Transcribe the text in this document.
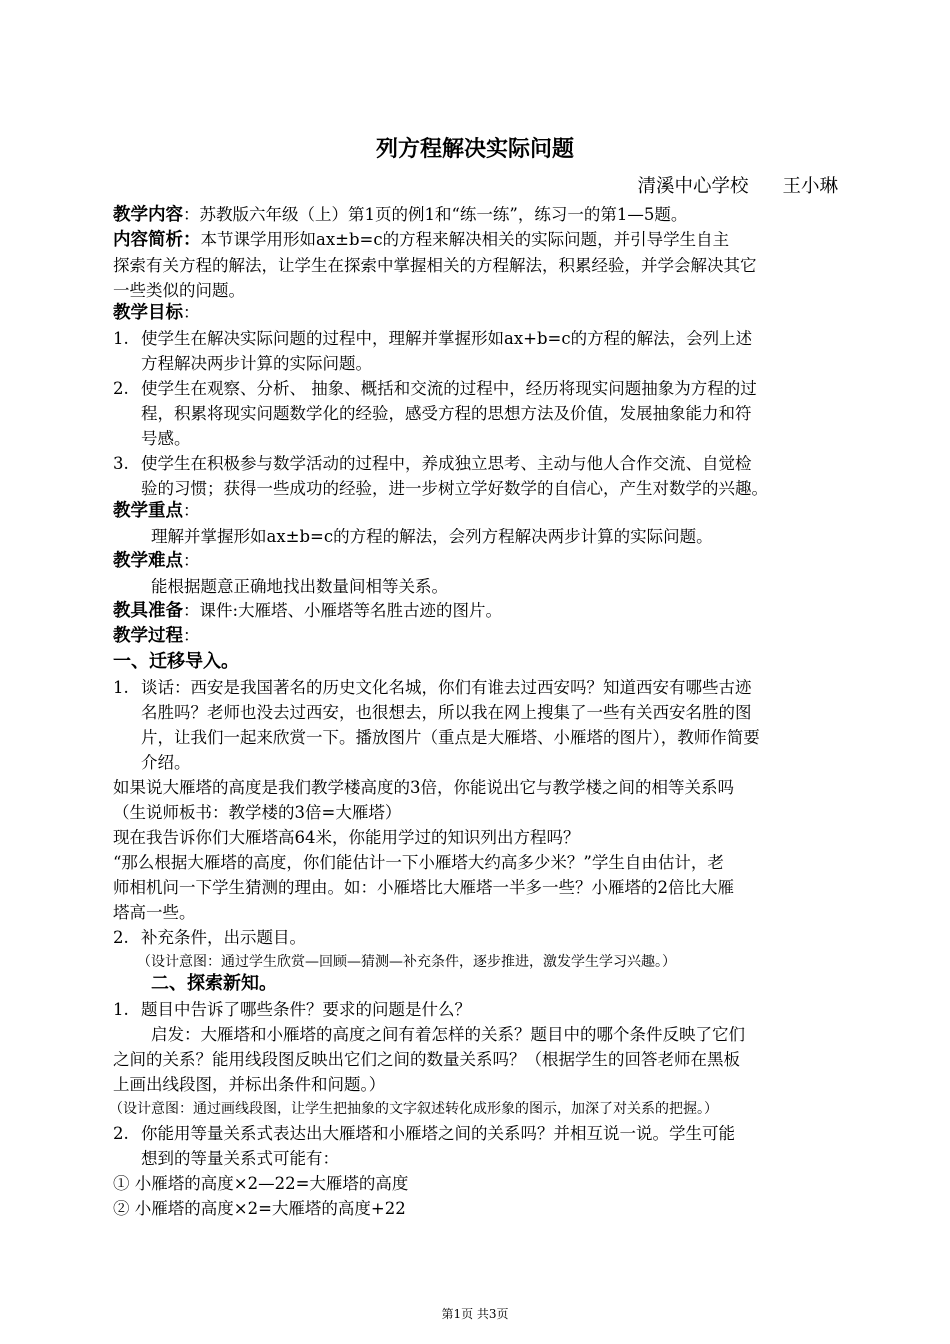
列方程解决实际问题
清溪中心学校 王小琳
教学内容：苏教版六年级（上）第1页的例1和“练一练”，练习一的第1—5题。
内容简析：本节课学用形如ax±b=c的方程来解决相关的实际问题，并引导学生自主
探索有关方程的解法，让学生在探索中掌握相关的方程解法，积累经验，并学会解决其它
一些类似的问题。
教学目标：
1. 使学生在解决实际问题的过程中，理解并掌握形如ax+b=c的方程的解法，会列上述
方程解决两步计算的实际问题。
2. 使学生在观察、分析、 抽象、概括和交流的过程中，经历将现实问题抽象为方程的过
程，积累将现实问题数学化的经验，感受方程的思想方法及价值，发展抽象能力和符
号感。
3. 使学生在积极参与数学活动的过程中，养成独立思考、主动与他人合作交流、自觉检
验的习惯；获得一些成功的经验，进一步树立学好数学的自信心，产生对数学的兴趣。
教学重点：
理解并掌握形如ax±b=c的方程的解法，会列方程解决两步计算的实际问题。
教学难点：
能根据题意正确地找出数量间相等关系。
教具准备：课件:大雁塔、小雁塔等名胜古迹的图片。
教学过程：
一、迁移导入。
1. 谈话：西安是我国著名的历史文化名城，你们有谁去过西安吗？知道西安有哪些古迹
名胜吗？老师也没去过西安，也很想去，所以我在网上搜集了一些有关西安名胜的图
片，让我们一起来欣赏一下。播放图片（重点是大雁塔、小雁塔的图片），教师作简要
介绍。
如果说大雁塔的高度是我们教学楼高度的3倍，你能说出它与教学楼之间的相等关系吗
（生说师板书：教学楼的3倍=大雁塔）
现在我告诉你们大雁塔高64米，你能用学过的知识列出方程吗？
“那么根据大雁塔的高度，你们能估计一下小雁塔大约高多少米？”学生自由估计，老
师相机问一下学生猜测的理由。如：小雁塔比大雁塔一半多一些？小雁塔的2倍比大雁
塔高一些。
2. 补充条件，出示题目。
（设计意图：通过学生欣赏—回顾—猜测—补充条件，逐步推进，激发学生学习兴趣。）
二、探索新知。
1. 题目中告诉了哪些条件？要求的问题是什么？
启发：大雁塔和小雁塔的高度之间有着怎样的关系？题目中的哪个条件反映了它们
之间的关系？能用线段图反映出它们之间的数量关系吗？（根据学生的回答老师在黑板
上画出线段图，并标出条件和问题。）
（设计意图：通过画线段图，让学生把抽象的文字叙述转化成形象的图示，加深了对关系的把握。）
2. 你能用等量关系式表达出大雁塔和小雁塔之间的关系吗？并相互说一说。学生可能
想到的等量关系式可能有：
① 小雁塔的高度×2—22=大雁塔的高度
② 小雁塔的高度×2=大雁塔的高度+22
第1页 共3页
